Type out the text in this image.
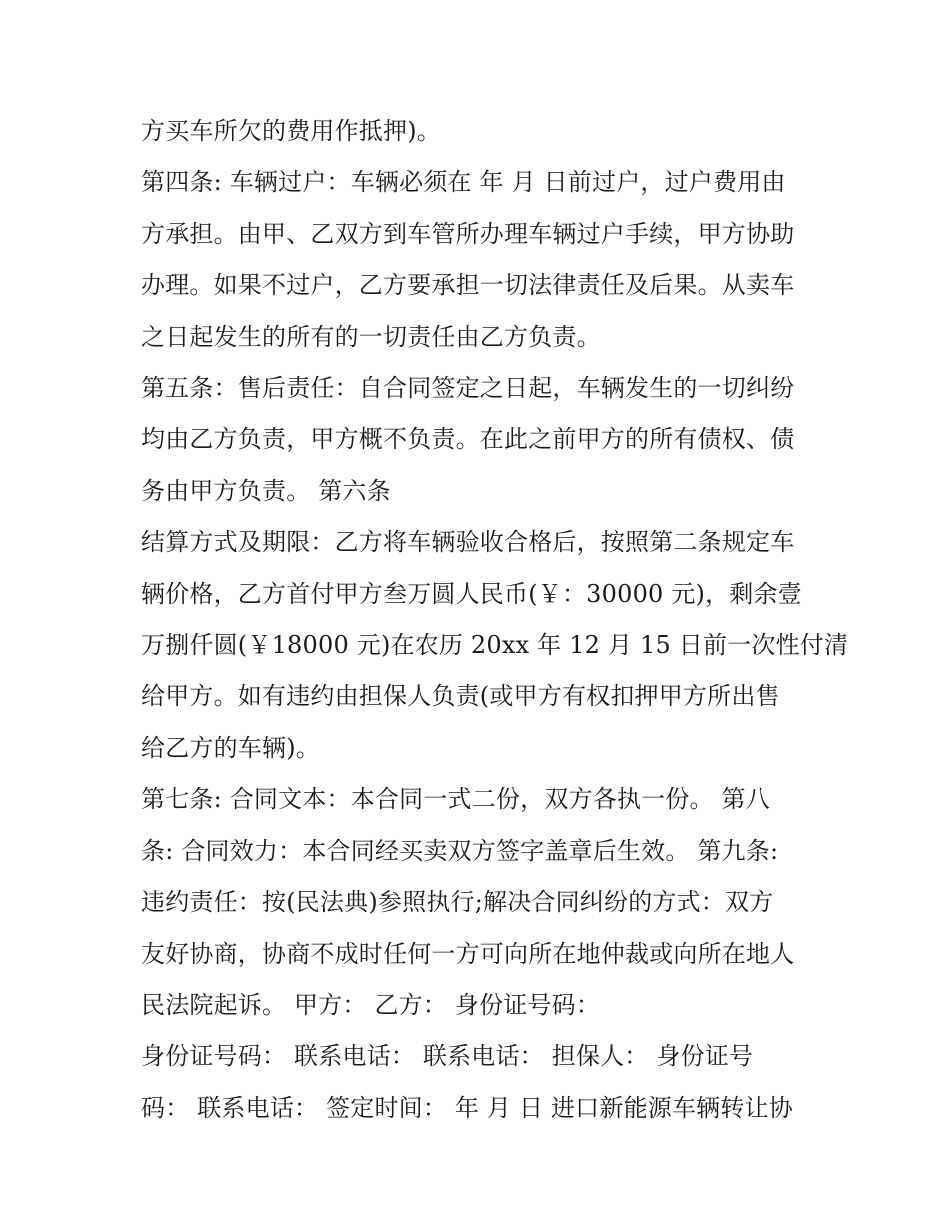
方买车所欠的费用作抵押)。
第四条: 车辆过户：车辆必须在 年 月 日前过户，过户费用由
方承担。由甲、乙双方到车管所办理车辆过户手续，甲方协助
办理。如果不过户，乙方要承担一切法律责任及后果。从卖车
之日起发生的所有的一切责任由乙方负责。
第五条：售后责任：自合同签定之日起，车辆发生的一切纠纷
均由乙方负责，甲方概不负责。在此之前甲方的所有债权、债
务由甲方负责。 第六条
结算方式及期限：乙方将车辆验收合格后，按照第二条规定车
辆价格，乙方首付甲方叁万圆人民币(￥：30000 元)，剩余壹
万捌仟圆(￥18000 元)在农历 20xx 年 12 月 15 日前一次性付清
给甲方。如有违约由担保人负责(或甲方有权扣押甲方所出售
给乙方的车辆)。
第七条: 合同文本：本合同一式二份，双方各执一份。 第八
条: 合同效力：本合同经买卖双方签字盖章后生效。 第九条:
违约责任：按(民法典)参照执行;解决合同纠纷的方式：双方
友好协商，协商不成时任何一方可向所在地仲裁或向所在地人
民法院起诉。 甲方： 乙方： 身份证号码：
身份证号码： 联系电话： 联系电话： 担保人： 身份证号
码： 联系电话： 签定时间： 年 月 日 进口新能源车辆转让协
